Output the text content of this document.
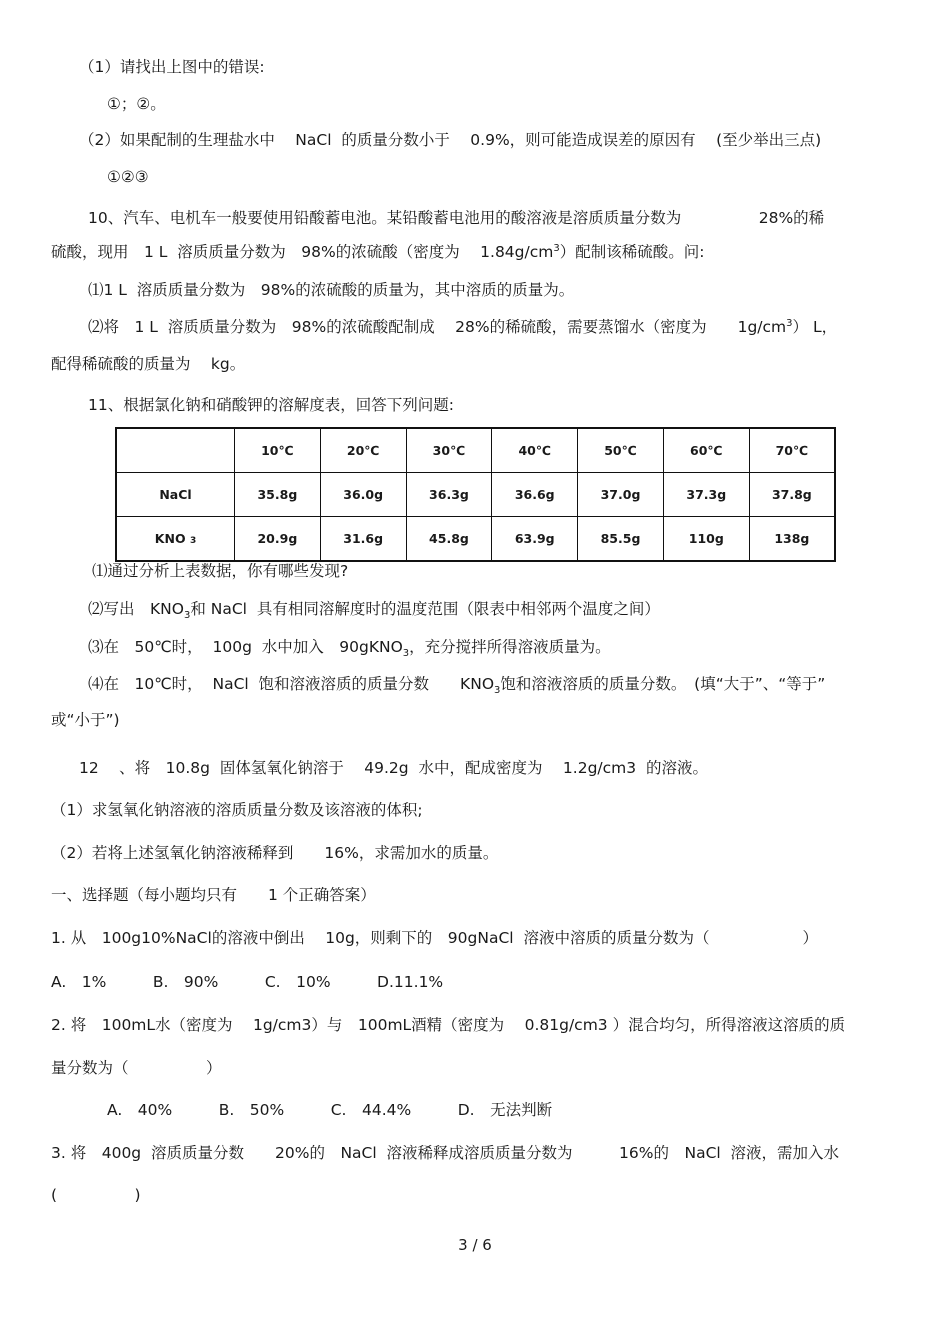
（1）请找出上图中的错误:
①；②。
（2）如果配制的生理盐水中　 NaCl  的质量分数小于　 0.9%，则可能造成误差的原因有　 (至少举出三点)
①②③
10、汽车、电机车一般要使用铅酸蓄电池。某铅酸蓄电池用的酸溶液是溶质质量分数为　　　　　28%的稀
硫酸，现用　1 L  溶质质量分数为　98%的浓硫酸（密度为　 $1.84g/cm^3$）配制该稀硫酸。问:
⑴1 L  溶质质量分数为　98%的浓硫酸的质量为，其中溶质的质量为。
⑵将　1 L  溶质质量分数为　98%的浓硫酸配制成　 28%的稀硫酸，需要蒸馏水（密度为　　$1g/cm^3$） L，
配得稀硫酸的质量为　 kg。
11、根据氯化钠和硝酸钾的溶解度表，回答下列问题:
	10℃	20℃	30℃	40℃	50℃	60℃	70℃
NaCl	35.8g	36.0g	36.3g	36.6g	37.0g	37.3g	37.8g
KNO 3	20.9g	31.6g	45.8g	63.9g	85.5g	110g	138g
⑴通过分析上表数据，你有哪些发现?
⑵写出　$KNO_3$和 NaCl  具有相同溶解度时的温度范围（限表中相邻两个温度之间）
⑶在　50℃时，  100g  水中加入　90gKNO$_3$，充分搅拌所得溶液质量为。
⑷在　10℃时，  NaCl  饱和溶液溶质的质量分数　　$KNO_3$饱和溶液溶质的质量分数。　(填“大于”、“等于”
或“小于”)
12　 、将　10.8g  固体氢氧化钠溶于　 49.2g  水中，配成密度为　 1.2g/cm3  的溶液。
（1）求氢氧化钠溶液的溶质质量分数及该溶液的体积;
（2）若将上述氢氧化钠溶液稀释到　　16%，求需加水的质量。
一、选择题（每小题均只有　　1 个正确答案）
1. 从　100g10%NaCl的溶液中倒出　 10g，则剩下的　90gNaCl  溶液中溶质的质量分数为（　　　　　　）
A.　1%　　　B.　90%　　　C.　10%　　　D.11.1%
2. 将　100mL水（密度为　 1g/cm3）与　100mL酒精（密度为　 0.81g/cm3 ）混合均匀，所得溶液这溶质的质
量分数为（　　　　　）
A.　40%　　　B.　50%　　　C.　44.4%　　　D.　无法判断
3. 将　400g  溶质质量分数　　20%的　NaCl  溶液稀释成溶质质量分数为　　　16%的　NaCl  溶液，需加入水
(　　　　　)
3 / 6
